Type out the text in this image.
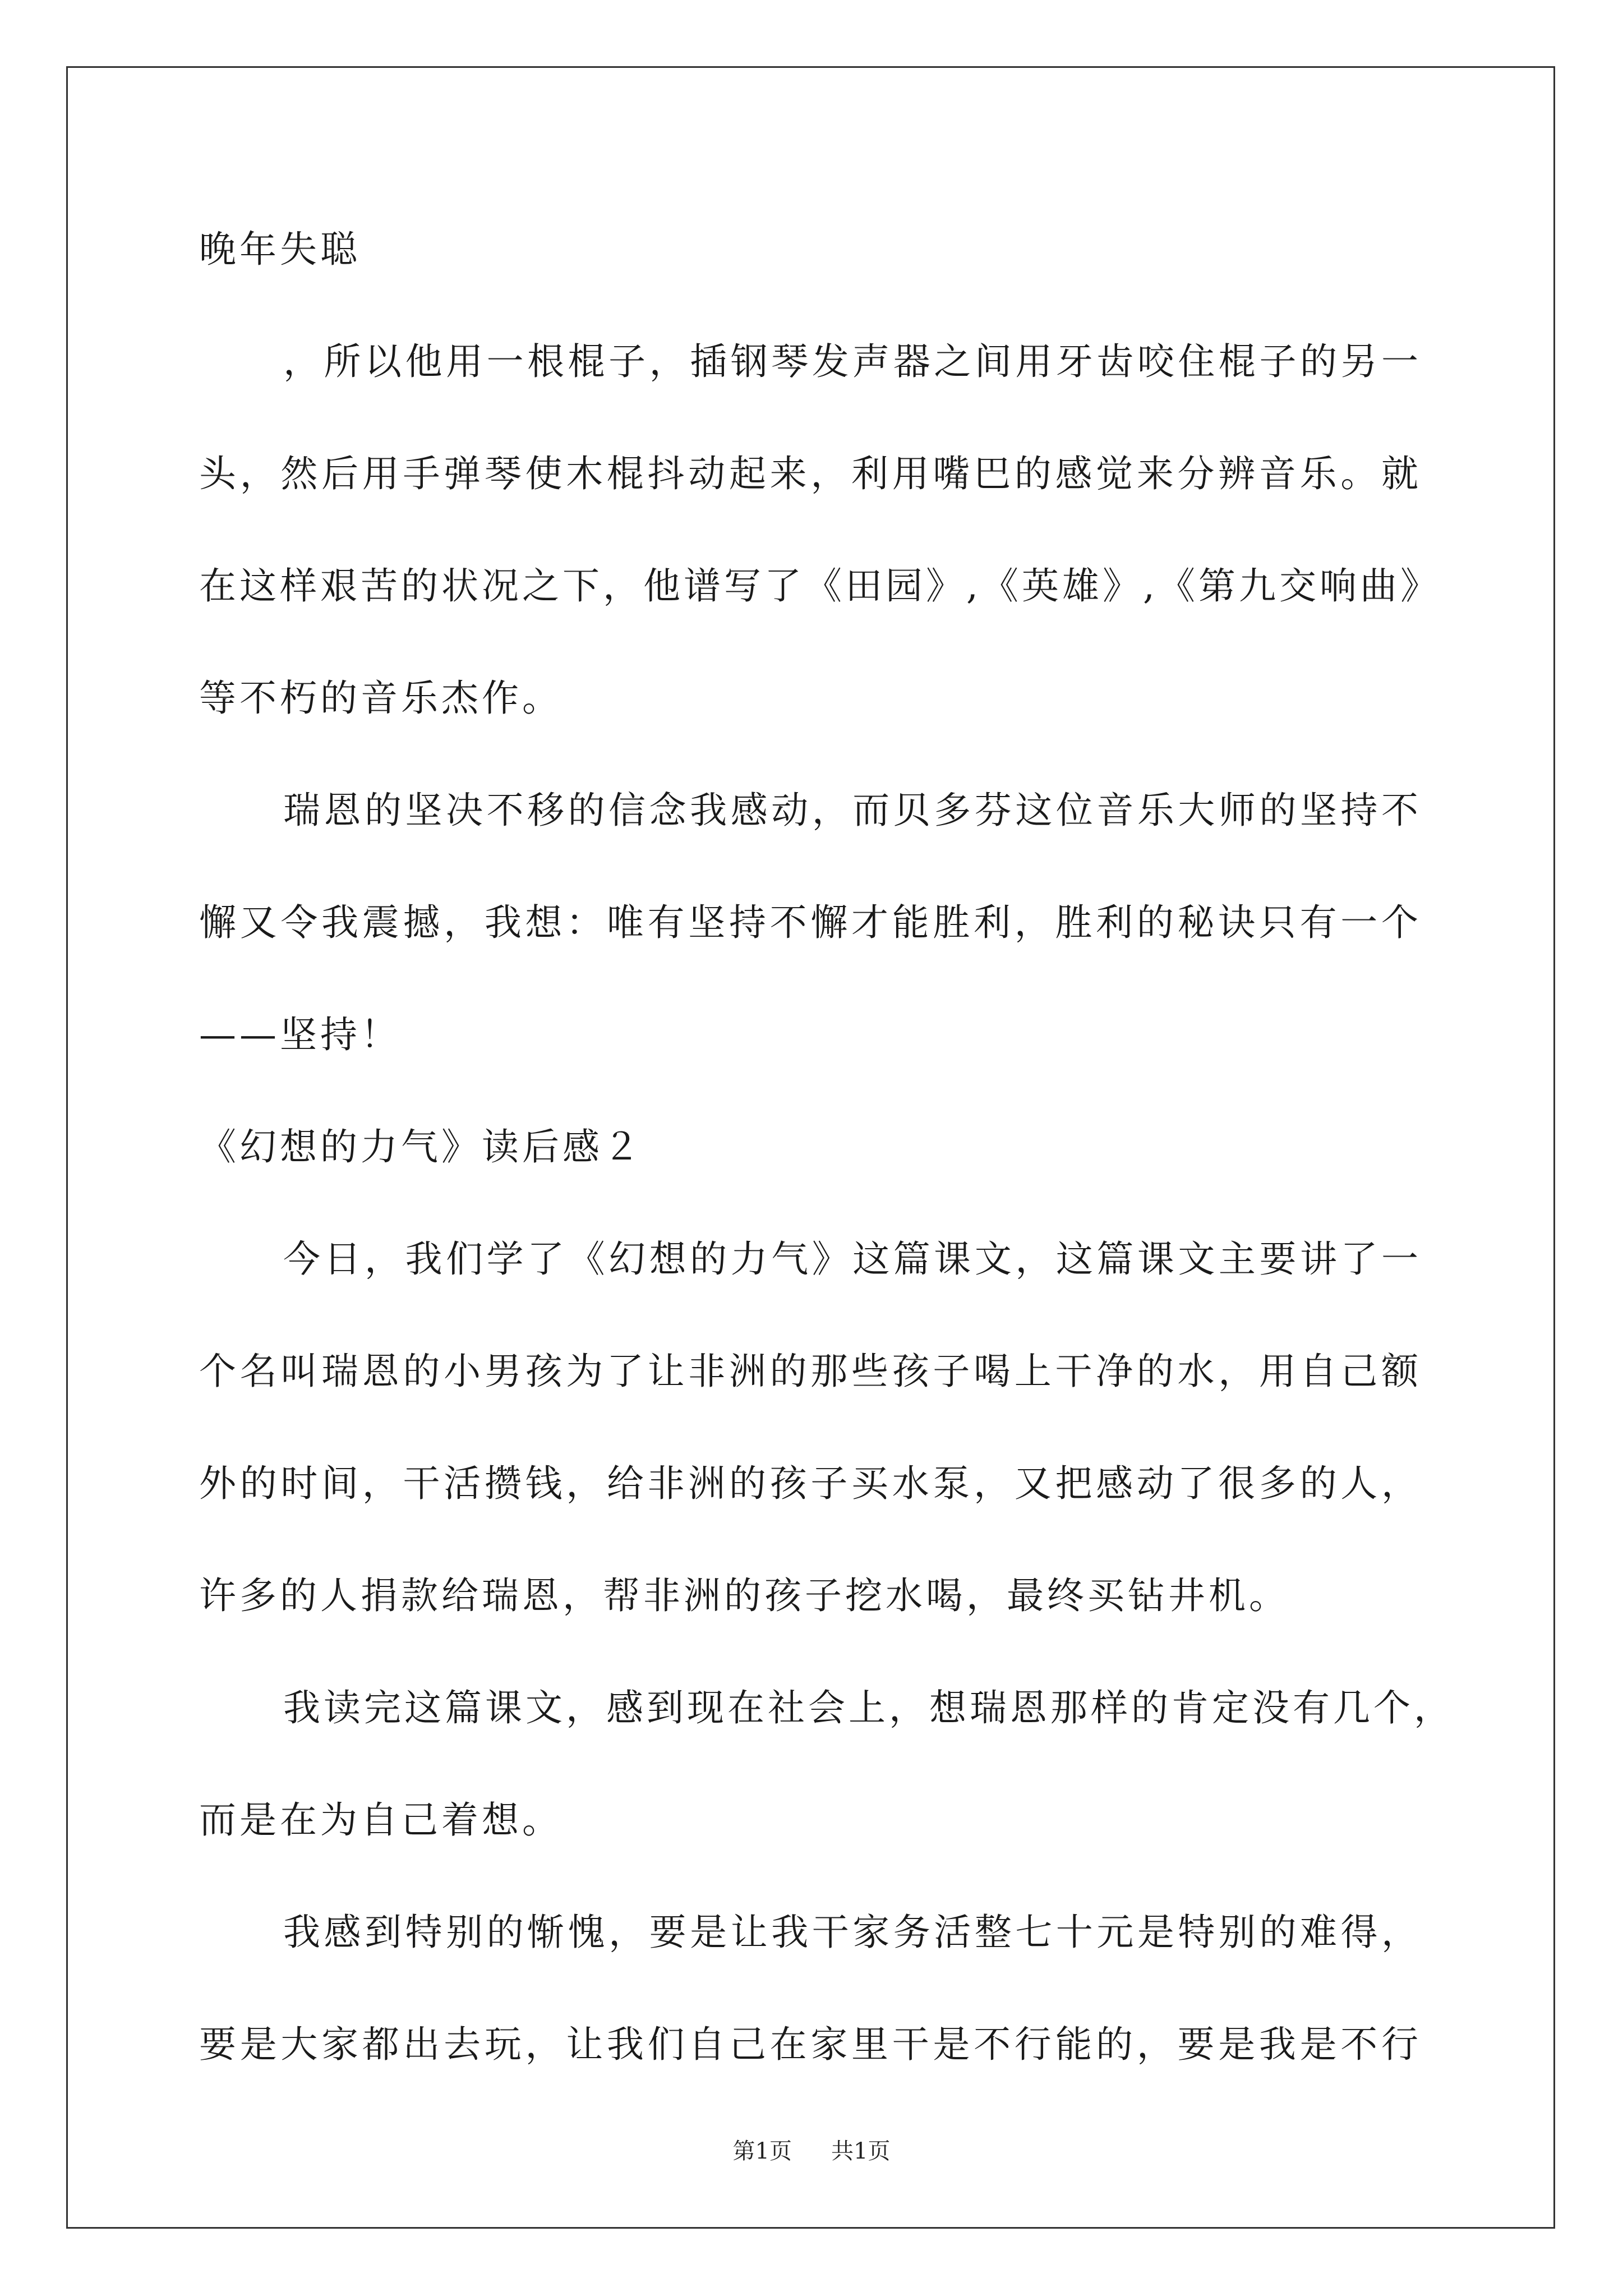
晚年失聪

，所以他用一根棍子，插钢琴发声器之间用牙齿咬住棍子的另一

头，然后用手弹琴使木棍抖动起来，利用嘴巴的感觉来分辨音乐。就

在这样艰苦的状况之下，他谱写了《田园》,《英雄》,《第九交响曲》

等不朽的音乐杰作。

瑞恩的坚决不移的信念我感动，而贝多芬这位音乐大师的坚持不

懈又令我震撼，我想：唯有坚持不懈才能胜利，胜利的秘诀只有一个

——坚持！

《幻想的力气》读后感２

今日，我们学了《幻想的力气》这篇课文，这篇课文主要讲了一

个名叫瑞恩的小男孩为了让非洲的那些孩子喝上干净的水，用自己额

外的时间，干活攒钱，给非洲的孩子买水泵，又把感动了很多的人，

许多的人捐款给瑞恩，帮非洲的孩子挖水喝，最终买钻井机。

我读完这篇课文，感到现在社会上，想瑞恩那样的肯定没有几个，

而是在为自己着想。

我感到特别的惭愧，要是让我干家务活整七十元是特别的难得，

要是大家都出去玩，让我们自己在家里干是不行能的，要是我是不行

第1页 共1页
